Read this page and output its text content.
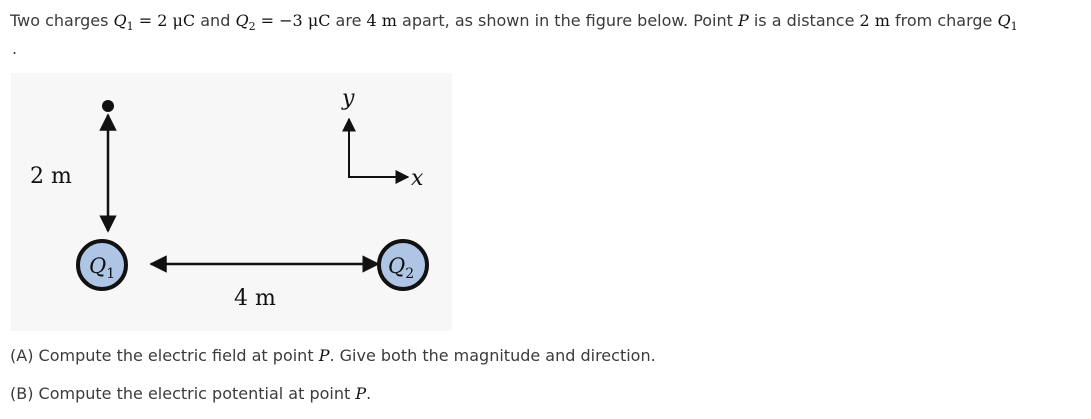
Two charges $Q_1 = 2$ μC and $Q_2 = -3$ μC are 4 m apart, as shown in the figure below. Point P is a distance 2 m from charge $Q_1$
.
2 m
y
x
4 m
$Q_1$	$Q_2$
(A) Compute the electric field at point P. Give both the magnitude and direction.
(B) Compute the electric potential at point P.
